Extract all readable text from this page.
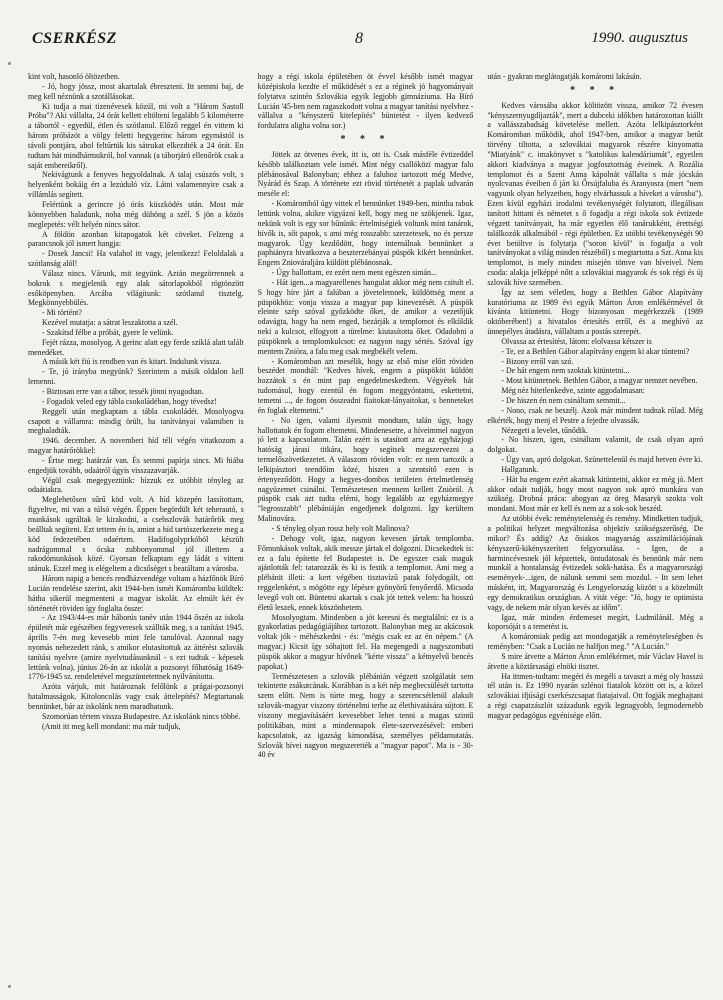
CSERKÉSZ	8	1990. augusztus

kint volt, hasonló öltözetben.

- Jó, hogy jössz, most akartalak ébreszteni. Itt semmi baj, de meg kell néznünk a szotállásokat.

Ki tudja a mai tizenévesek közül, mi volt a "Három Sastoll Próba"? Aki vállalta, 24 órát kellett eltölteni legalább 5 kilométerre a tábortól - egyedül, étlen és szótlanul. Előző reggel én vittem ki három próbázót a völgy feletti hegygerinc három egymástól is távoli pontjára, ahol feltűrtük kis sátrukat elkezdték a 24 órát. En tudtam hát mindhármukról, hol vannak (a táborjáró ellenőrök csak a saját embereikről).

Nekivágtunk a fenyves hegyoldalnak. A talaj csúszós volt, s helyenként bokáig ért a lezúduló víz. Látni valamennyire csak a villámlás segített.

Felértünk a gerincre jó órás küszködés után. Most már könnyebben haladunk, noha még dühöng a szél. S jön a közös meglepetés: vélt helyén nincs sátor.

A földön azonban kitapogatok két cöveket. Felzeng a parancsnok jól ismert hangja:

- Dosek Jancsi! Ha valahol itt vagy, jelentkezz! Feloldalak a szótlanság alól!

Válasz nincs. Várunk, mit tegyünk. Aztán megzörrennek a bokrok s megjelenik egy alak sátorlapokból rögtönzött esőköpenyben. Arcába világítunk: szótlanul tisztelg. Megkönnyebbülés.

- Mi történt?

Kezével mutatja: a sátrat leszaktotta a szél.

- Szakítsd félbe a próbát, gyere le velünk.

Fejét rázza, mosolyog. A gerinc alatt egy ferde sziklá alatt talált menedéket.

A másik két fiú is rendben van és kitart. Indulunk vissza.

- Te, jó irányba megyünk? Szerintem a másik oldalon kell lemenni.

- Biztosan erre van a tábor, tessék jönni nyugodtan.

- Fogadok veled egy tábla csokoládéban, hogy tévedsz!

Reggeli után megkaptam a tábla csokoládét. Mosolyogva csapott a vállamra: mindig örült, ha tanítványai valamiben is meghaladták.

1946. december. A novemberi híd téli végén vitatkozom a magyar határőrökkel:

- Értse meg: határzár van. És semmi papírja sincs. Mi hiába engedjük tovább, odaátról úgyis visszazavarják.

Végül csak megegyeztünk: bízzuk ez utóbbit tényleg az odaátiakra.

Meglehetősen sűrű köd volt. A híd közepén lassítottam, figyeltve, mi van a túlsó végén. Éppen begördült két teherautó, s munkások ugráltak le kirakodni, a csehszlovák határőrök meg beálltak segíteni. Ezt tettem én is, amint a híd tartószerkezete meg a köd fedezetében odaértem. Hadifogolyprkóból készült nadrágommal s ócska zubbonyommal jól illettem a rakodómunkások közé. Gyorsan felkaptam egy ládát s vittem utánuk. Ezzel meg is elégeltem a dicsőséget s beatáltam a városba.

Három napig a bencés rendházvendége voltam a házfőnök Bíró Lucián rendelése szerint, akit 1944-ben ismét Komáromba küldtek: hátha sikerül megmenteni a magyar iskolát. Az elmúlt két év történetét röviden így foglalta össze:

- Az 1943/44-es már háborús tanév után 1944 őszén az iskola épületét már egészében fegyveresek szállták meg, s a tanítást 1945. április 7-én meg kevesebb mint fele tanulóval. Azonnal nagy nyomás nehezedett ránk, s amikor elutasítottuk az áttérést szlovák tanítási nyelvre (amire nyelvtudásunknál - s ezt tudtuk - képesek lettünk volna), június 26-án az iskolát a pozsonyi főhatóság 1649-1776-1945 sz. rendeletével megszüntetettnek nyilvánította.

Azóta várjuk, mit határoznak felőlünk a prágai-pozsonyi hatalmasságok. Kitoloncolás vagy csak áttelepítés? Megtartanak bennünket, bár az iskolánk nem maradhatunk.

Szomorúan tértem vissza Budapestre. Az iskolánk nincs többé.

(Amit itt meg kell mondani: ma már tudjuk,

hogy a régi iskola épületében öt évvel később ismét magyar középiskola kezdte el működését s ez a réginek jó hagyományait folytatva szintén Szlovákia egyik legjobb gimnáziuma. Ha Bíró Lucián '45-ben nem ragaszkodott volna a magyar tanítási nyelvhez - vállalva a "kényszerű kitelepítés" büntetést - ilyen kedvező fordulatra aligha volna sor.)

* * *

Jöttek az ötvenes évek, itt is, ott is. Csak másféle évtizeddel később találkoztam vele ismét. Mint négy csallóközi magyar falu plébánosával Balonyban; ehhez a faluhoz tartozott még Medve, Nyárád és Szap. A története ezt rövid történetét a paplak udvarán meséle el:

- Komáromból úgy vittek el bennünket 1949-ben, mintha rabok lettünk volna, akikre vigyázni kell, hogy meg ne szökjenek. Igaz, nekünk volt is egy sor bűnünk: értelmiségiek voltunk mint tanárok, hívők is, sőt papok, s ami még rosszabb: szerzetesek, no és persze magyarok. Úgy kezdődött, hogy internálnak bennünket a paphiányra hivatkozva a beszterzebányai püspök kikért bennünket. Engem Zniováraljára küldött plébánosnak.

- Úgy hallottam, ez ezért nem ment egészen simán...

- Hát igen...a magyarellenes hangulat akkor még nem csitult el. S hogy híre járt a falúban a jövetelemnek, küldöttség ment a püspökhöz: vonja vissza a magyar pap kinevezését. A püspök eleinte szép szóval győzködte őket, de amikor a vezetőjük odavágta, hogy ha nem enged, bezárják a templomot és elküldik neki a kulcsot, elfogyott a türelme: kiutasította őket. Odadobni a püspöknek a templomkulcsot: ez nagyon nagy sértés. Szóval így mentem Zniòra, a falu meg csak megbékélt velem.

- Komáromban azt mesélik, hogy az első mise előtt röviden beszédet mondtál: "Kedves hívek, engem a püspököt küldött hozzátok s én mint pap engedelmeskedtem. Végyétek hát tudomásul, hogy ezentúl én fogom meggyóntatni, eskettetni, temetni ..., de fogom összeadni fiaitokat-lányaitokat, s benneteket én foglak eltemetni."

- No igen, valami ilyesmit mondtam, talán úgy, hogy hallottatok én fogom eltemetni. Mindenesetre, a híveimmel nagyon jó lett a kapcsolatom. Talán ezért is utasított arra az egyházjogi hatóság járasi titkára, hogy segítsek megszervezni a termelőszövetkezetet. A válaszom röviden volt: ez nem tartozik a lelkipásztori teendőim közé, hiszen a szentsítő ezen is értenyeződött. Hogy a hegyes-dombos területen értelmetlenség nagyüzemet csinálni. Természetesen mennem kellett Zniòról. A püspök csak azt tudta elérni, hogy legalább az egyházmegye "legrosszabb" plébániáján engedjenek dolgozni. Így kerültem Malinovára.

- S tényleg olyan rossz hely volt Malinova?

- Dehogy volt, igaz, nagyon kevesen jártak templomba. Főmunkások voltak, akik messze jártak el dolgozni. Dicsekedtek is: ez a falu építette fel Budapestet is. De egyszer csak maguk ajánlották fel: tatarozzák és ki is festik a templomot. Ami meg a plébánit illeti: a kert végében tisztavízű patak folydogált, ott reggelenként, s mögötte egy lépésre gyönyörű fenyőerdő. Micsoda levegő volt ott. Büntetni akartak s csak jót tettek velem: ha hosszú életű leszek, ennek köszönhetem.

Mosolyogtam. Mindenben a jót keresni és megtalálni: ez is a gyakorlatias pedagógiájához tartozott. Balonyban meg az akácosok voltak jók - méhészkedni - és: "mégis csak ez az én népem." (A magyar.) Kicsit így sóhajtott fel. Ha megengedi a nagyszombati püspök akkor a magyar hívőnek "kérte vissza" a kétnyelvű bencés papokat.)

Természetesen a szlovák plébánián végzett szolgálatát sem tekintette zsákutcának. Korábban is a két nép megbecsülését tartotta szem előtt. Nem is túrte meg, hogy a szerencsétlenül alakult szlovák-magyar viszony történelmi terhe az élethivatására sújtott. E viszony megjavításáért kevesebbet lehet tenni a magas szintű politikában, mint a mindennapok élete-szervezésével: emberi kapcsolatok, az igazság kimondása, személyes példamutatás. Szlovák hívei nagyon megszerették a "magyar papot". Ma is - 30-40 év

után - gyakran meglátogatják komáromi lakásán.

* * *

Kedves városába akkor költözött vissza, amikor 72 évesen "kényszernyugdíjazták", mert a dubceki időkben határozottan kiállt a vallásszabadság követelése mellett. Azóta lelkipásztorként Komáromban működik, ahol 1947-ben, amikor a magyar betűt törvény tiltotta, a szlovákiai magyarok részére kinyomatta "Miatyánk" c. imakönyvet s "katolikus kalendáriumát", egyetlen akkori kiadványa a magyar jogfosztottság éveinek. A Rozália templomot és a Szent Anna kápolnát vállalta s már jócskán nyolcvanas éveiben ő járt ki Őrsújfaluba és Aranyosra (mert "nem vagyunk olyan helyzetben, hogy elvárhassuk a híveket a városba"). Ezen kívül egyházi irodalmi tevékenységét folytatott, illegálisan tanított hittant és németet s ő fogadja a régi iskola sok évtizede végzett tanítványait, ha már egyetlen élő tanárukként, érettségi találkozók alkalmából - régi épületben. Ez utóbbi tevékenységét 90 évet betöltve is folytatja ("soron kívül" is fogadja a volt tanítványokat a világ minden részéből) s megtartotta a Szt. Anna kis templomot, is mely minden misején tömve van híveivel. Nem csoda: alakja jelképpé nőtt a szlovákiai magyarok és sok régi és új szlovák híve szemében.

Így az sem véletlen, hogy a Bethlen Gábor Alapítvány kuratóriuma az 1989 évi egyik Márton Áron emlékérmével őt kívánta kitüntetni. Hogy bizonyosan megérkezzék (1989 októberében!) a hivatalos értesítés erről, és a meghívó az ünnepélyes átadásra, vállaltam a postás szerepét.

Olvassa az értesítést, látom: elolvassa kétszer is

- Te, ez a Bethlen Gábor alapítvány engem ki akar tüntetni?

- Bizony erről van szó.

- De hát engem nem szoktak kitüntetni...

- Most kitüntetnek. Bethlen Gábor, a magyar nemzet nevében.

Még néz hitetlenkedve, szinte aggodalmasan:

- De hiszen én nem csináltam semmit...

- Nono, csak ne beszélj. Azok már mindent tudnak rólad. Még elkérték, hogy menj el Pestre a fejedre olvassák.

Nézegeti a levelet, tűnődik.

- No hiszen, igen, csináltam valamit, de csak olyan apró dolgokat.

- Úgy van, apró dolgokat. Szünettelenül és majd hetven évre ki.

Hallgatunk.

- Hát ha engem ezért akarnak kitüntetni, akkor ez még jó. Mert akkor odaát tudják, hogy most nagyon sok apró munkára van szükség. Drobná práca: ahogyan az öreg Masaryk szokta volt mondani. Most már ez kell és nem az a sok-sok beszéd.

Az utóbbi évek: reménytelenség és remény. Mindketten tudjuk, a politikai helyzet megváltozása objektív szükségszerűség. De mikor? És addig? Az ősiakos magyarság asszimilációjának kényszerű-kikényszerített felgyorsulása. - Igen, de a harmincévesnek jól képzettek, öntudatosak és bennünk már nem munkál a hontalanság évtizedek sokk-hatása. És a magyarországi események-...igen, de nálunk semmi sem mozdul. - Itt sem lehet másként, itt, Magyarország és Lengyelország között s a közelmúlt egy demokratikus országban. A vitát vége: "Jó, hogy te optimista vagy, de nekem már olyan kevés az időm".

Igaz, már minden érdemeset megírt, Ludmilánál. Még a koporsóját s a temetést is.

A komáromiak pedig azt mondogatják a reményteleségben és reményben: "Csak a Lucián ne halfjon meg." "A Lucián."

S mire átvette a Márton Áron emlékérmet, már Václav Havel is átvette a köztársasági elnöki tisztet.

Ha ittmen-tudtam: megéri és megéli a tavaszt a még oly hosszú tél után is. Ez 1990 nyarán szlénoi fiatalok között ott is, a közel szlovákiai ifjúsági cserkészcsapat fiatajaival. Ott fogják meghajtani a régi csapatzászlót századunk egyik legnagyobb, legmodernebb magyar pedagógus egyénisége előtt.
